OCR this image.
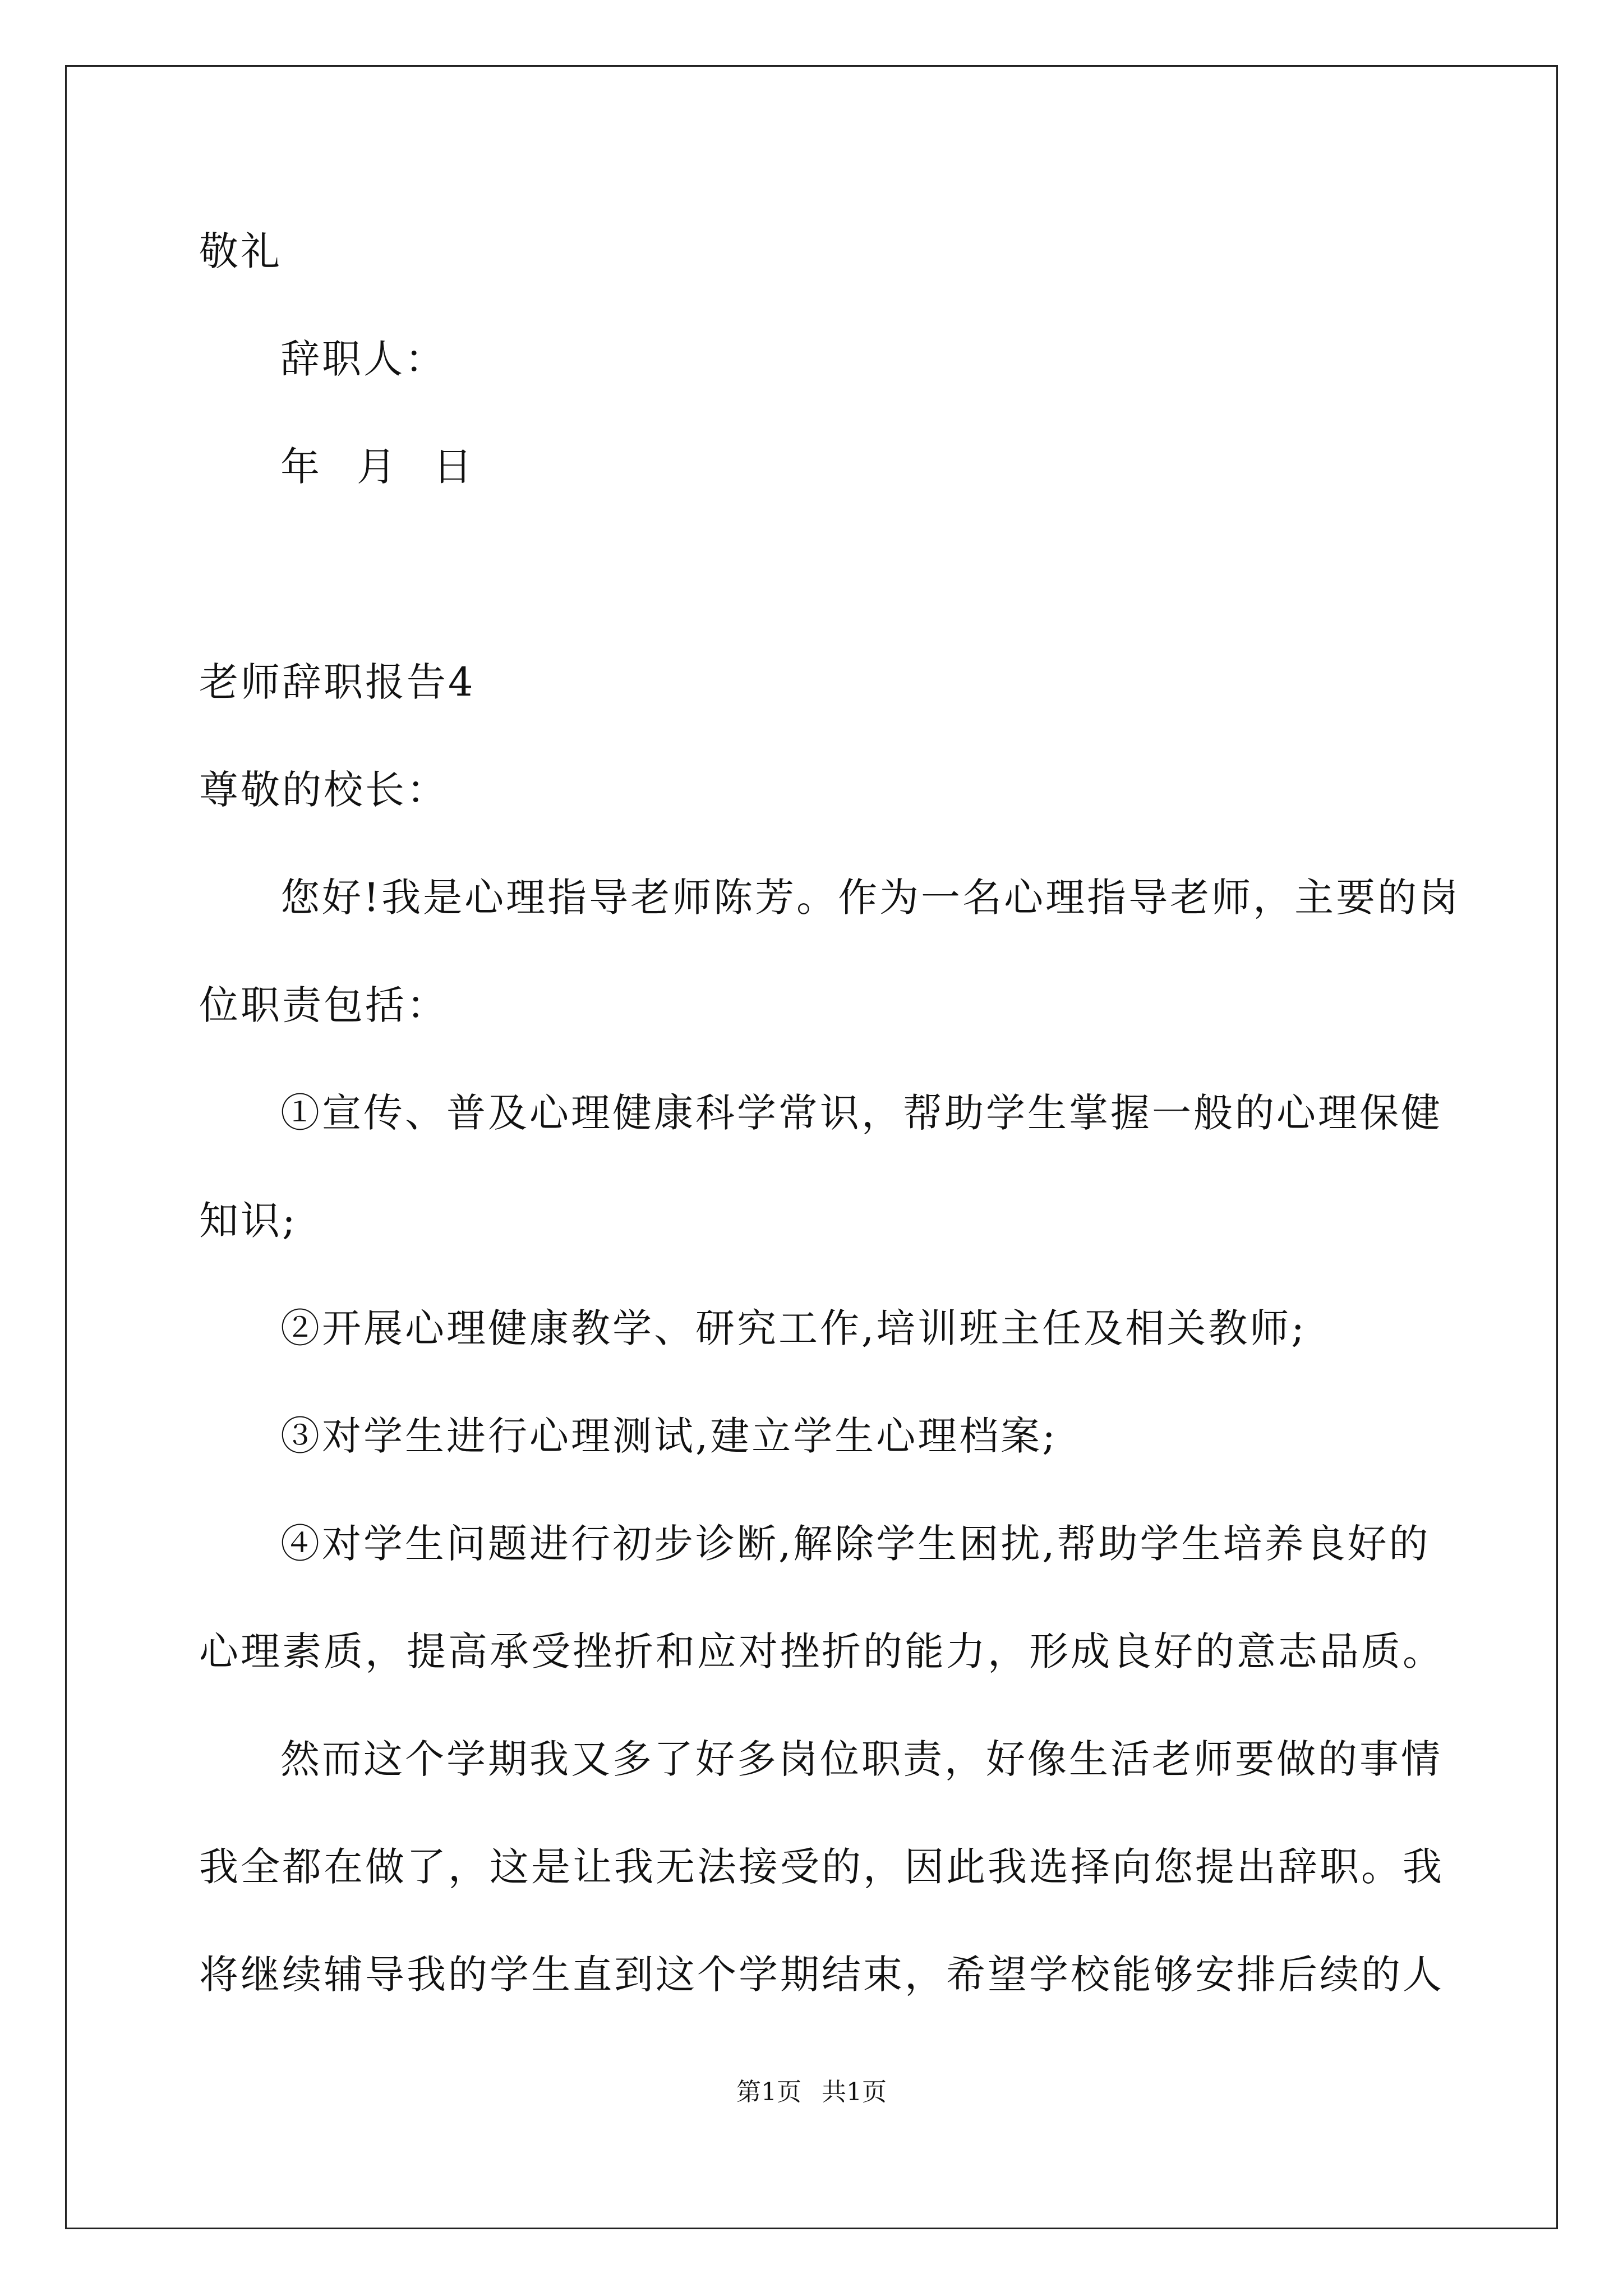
敬礼
辞职人：
年 月 日
老师辞职报告4
尊敬的校长：
您好!我是心理指导老师陈芳。作为一名心理指导老师，主要的岗
位职责包括：
①宣传、普及心理健康科学常识，帮助学生掌握一般的心理保健
知识;
②开展心理健康教学、研究工作,培训班主任及相关教师;
③对学生进行心理测试,建立学生心理档案;
④对学生问题进行初步诊断,解除学生困扰,帮助学生培养良好的
心理素质，提高承受挫折和应对挫折的能力，形成良好的意志品质。
然而这个学期我又多了好多岗位职责，好像生活老师要做的事情
我全都在做了，这是让我无法接受的，因此我选择向您提出辞职。我
将继续辅导我的学生直到这个学期结束，希望学校能够安排后续的人
第1页 共1页
